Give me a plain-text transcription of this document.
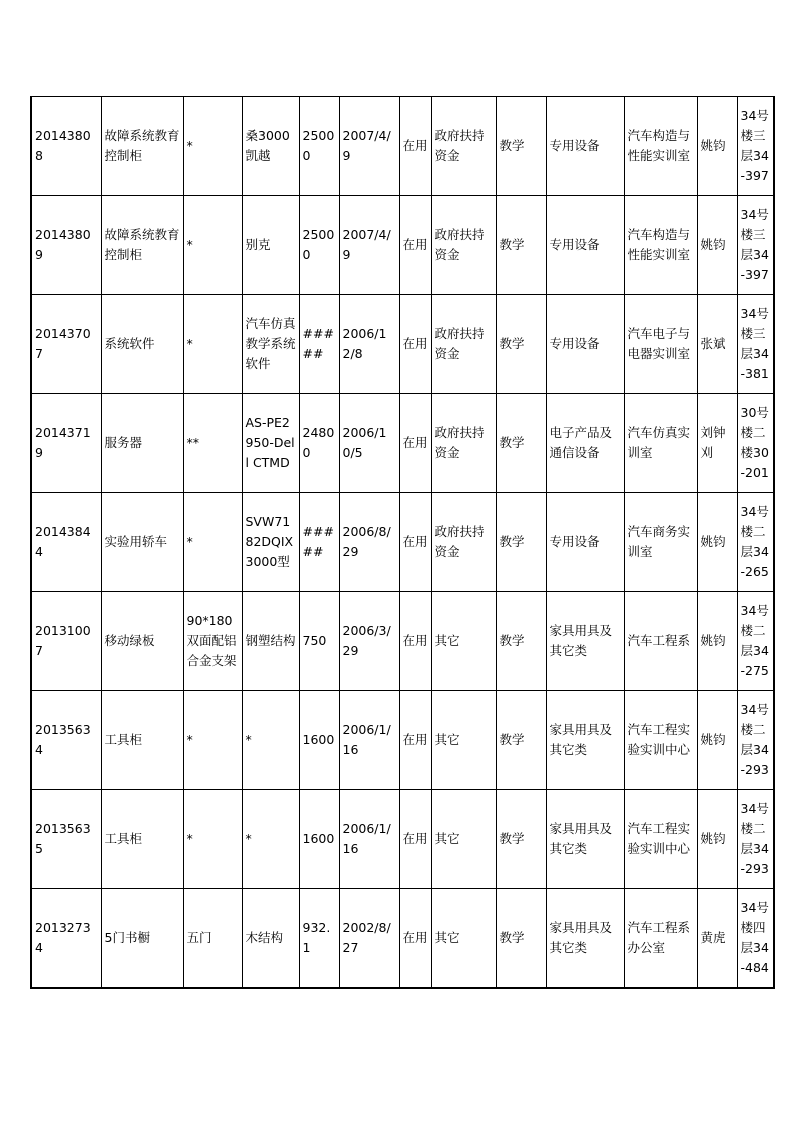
20143808	故障系统教育控制柜	*	桑3000凯越	25000	2007/4/9	在用	政府扶持资金	教学	专用设备	汽车构造与性能实训室	姚钧	34号楼三层34-397
20143809	故障系统教育控制柜	*	别克	25000	2007/4/9	在用	政府扶持资金	教学	专用设备	汽车构造与性能实训室	姚钧	34号楼三层34-397
20143707	系统软件	*	汽车仿真教学系统软件	#####	2006/12/8	在用	政府扶持资金	教学	专用设备	汽车电子与电器实训室	张斌	34号楼三层34-381
20143719	服务器	**	AS-PE2950-Dell CTMD	24800	2006/10/5	在用	政府扶持资金	教学	电子产品及通信设备	汽车仿真实训室	刘钟刈	30号楼二楼30-201
20143844	实验用轿车	*	SVW7182DQIX3000型	#####	2006/8/29	在用	政府扶持资金	教学	专用设备	汽车商务实训室	姚钧	34号楼二层34-265
20131007	移动绿板	90*180双面配铝合金支架	钢塑结构	750	2006/3/29	在用	其它	教学	家具用具及其它类	汽车工程系	姚钧	34号楼二层34-275
20135634	工具柜	*	*	1600	2006/1/16	在用	其它	教学	家具用具及其它类	汽车工程实验实训中心	姚钧	34号楼二层34-293
20135635	工具柜	*	*	1600	2006/1/16	在用	其它	教学	家具用具及其它类	汽车工程实验实训中心	姚钧	34号楼二层34-293
20132734	5门书橱	五门	木结构	932.1	2002/8/27	在用	其它	教学	家具用具及其它类	汽车工程系办公室	黄虎	34号楼四层34-484
